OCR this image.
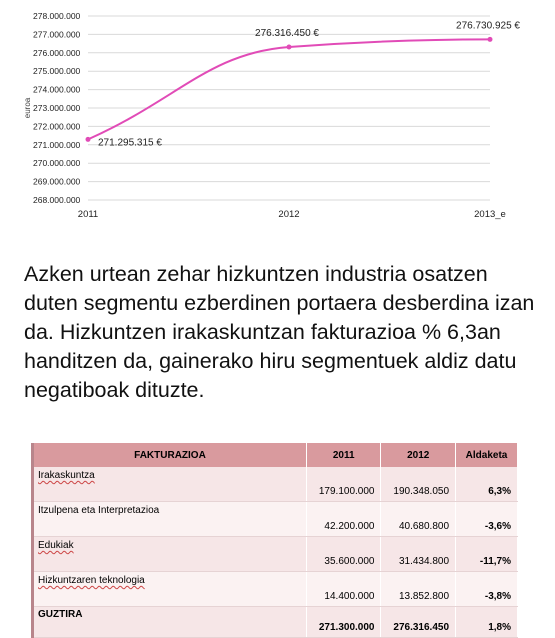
278.000.000
277.000.000
276.000.000
275.000.000
274.000.000
273.000.000
272.000.000
271.000.000
270.000.000
269.000.000
268.000.000
euroa
2011	2012	2013_e
271.295.315 €
276.316.450 €
276.730.925 €

Azken urtean zehar hizkuntzen industria osatzen duten segmentu ezberdinen portaera desberdina izan da. Hizkuntzen irakaskuntzan fakturazioa % 6,3an handitzen da, gainerako hiru segmentuek aldiz datu negatiboak dituzte.

FAKTURAZIOA	2011	2012	Aldaketa
Irakaskuntza	179.100.000	190.348.050	6,3%
Itzulpena eta Interpretazioa	42.200.000	40.680.800	-3,6%
Edukiak	35.600.000	31.434.800	-11,7%
Hizkuntzaren teknologia	14.400.000	13.852.800	-3,8%
GUZTIRA	271.300.000	276.316.450	1,8%
